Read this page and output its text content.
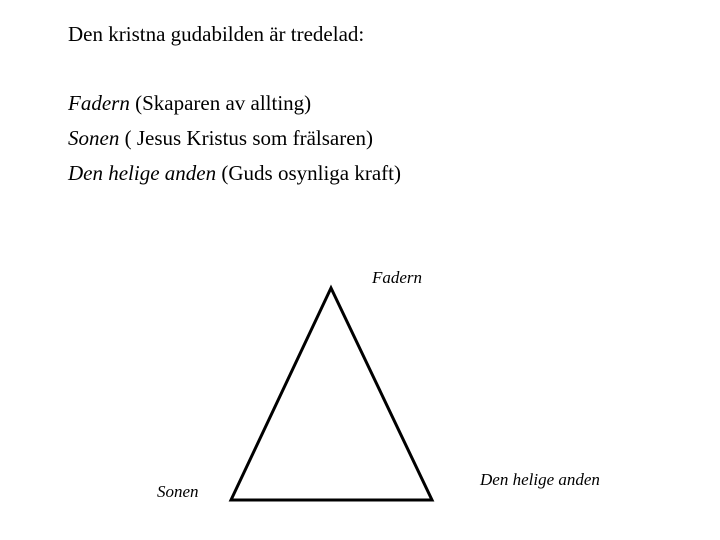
Den kristna gudabilden är tredelad:
Fadern (Skaparen av allting)
Sonen ( Jesus Kristus som frälsaren)
Den helige anden (Guds osynliga kraft)
Fadern
Sonen
Den helige anden
